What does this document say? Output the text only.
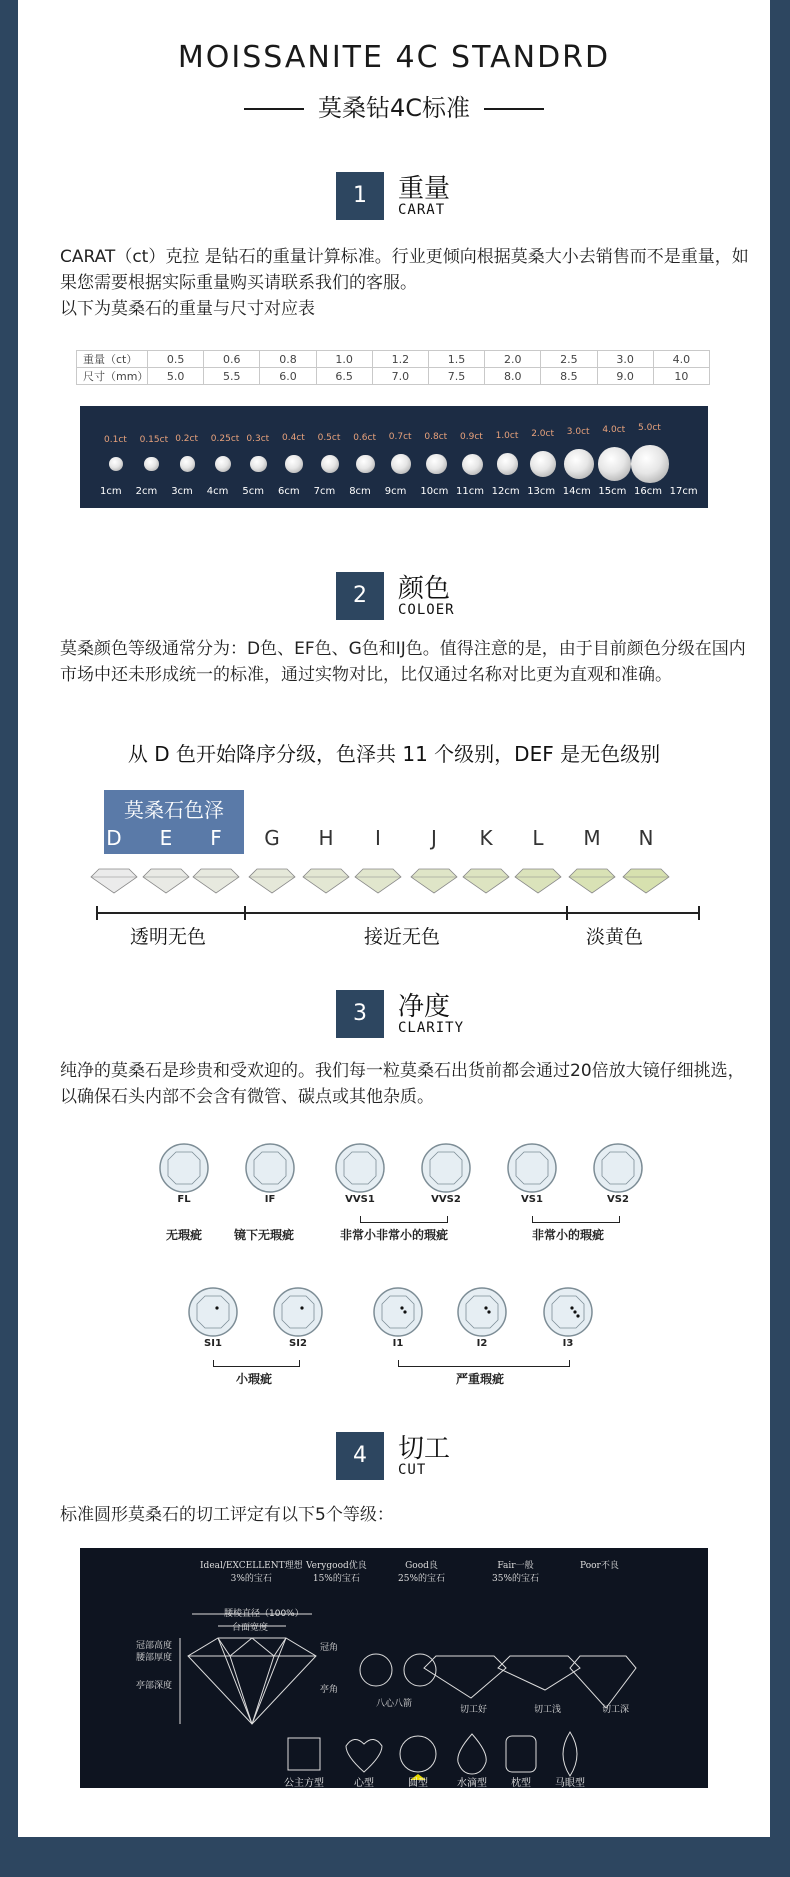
MOISSANITE 4C STANDRD
莫桑钻4C标准
1	重量
CARAT
CARAT（ct）克拉 是钻石的重量计算标准。行业更倾向根据莫桑大小去销售而不是重量，如果您需要根据实际重量购买请联系我们的客服。
以下为莫桑石的重量与尺寸对应表
重量（ct）	0.5	0.6	0.8	1.0	1.2	1.5	2.0	2.5	3.0	4.0
尺寸（mm）	5.0	5.5	6.0	6.5	7.0	7.5	8.0	8.5	9.0	10
0.1ct 0.15ct 0.2ct 0.25ct 0.3ct 0.4ct 0.5ct 0.6ct 0.7ct 0.8ct 0.9ct 1.0ct 2.0ct 3.0ct 4.0ct 5.0ct
1cm 2cm 3cm 4cm 5cm 6cm 7cm 8cm 9cm 10cm 11cm 12cm 13cm 14cm 15cm 16cm 17cm
2	颜色
COLOER
莫桑颜色等级通常分为：D色、EF色、G色和IJ色。值得注意的是，由于目前颜色分级在国内市场中还未形成统一的标准，通过实物对比，比仅通过名称对比更为直观和准确。
从 D 色开始降序分级，色泽共 11 个级别，DEF 是无色级别
莫桑石色泽
透明无色	接近无色	淡黄色
3	净度
CLARITY
纯净的莫桑石是珍贵和受欢迎的。我们每一粒莫桑石出货前都会通过20倍放大镜仔细挑选，以确保石头内部不会含有微管、碳点或其他杂质。
4	切工
CUT
标准圆形莫桑石的切工评定有以下5个等级：
Ideal/EXCELLENT理想
3%的宝石
Verygood优良
15%的宝石
Good良
25%的宝石
Fair一般
35%的宝石
Poor不良
腰棱直径（100%）
台面宽度
冠部高度
腰部厚度
亭部深度
冠角
亭角
八心八箭
切工好	切工浅	切工深
公主方型	心型	圆型	水滴型	枕型	马眼型
D	E	F	G	H	I	J	K	L	M	N
FL	IF	VVS1	VVS2	VS1	VS2
SI1	SI2	I1	I2	I3
无瑕疵	镜下无瑕疵	非常小非常小的瑕疵	非常小的瑕疵
小瑕疵	严重瑕疵
